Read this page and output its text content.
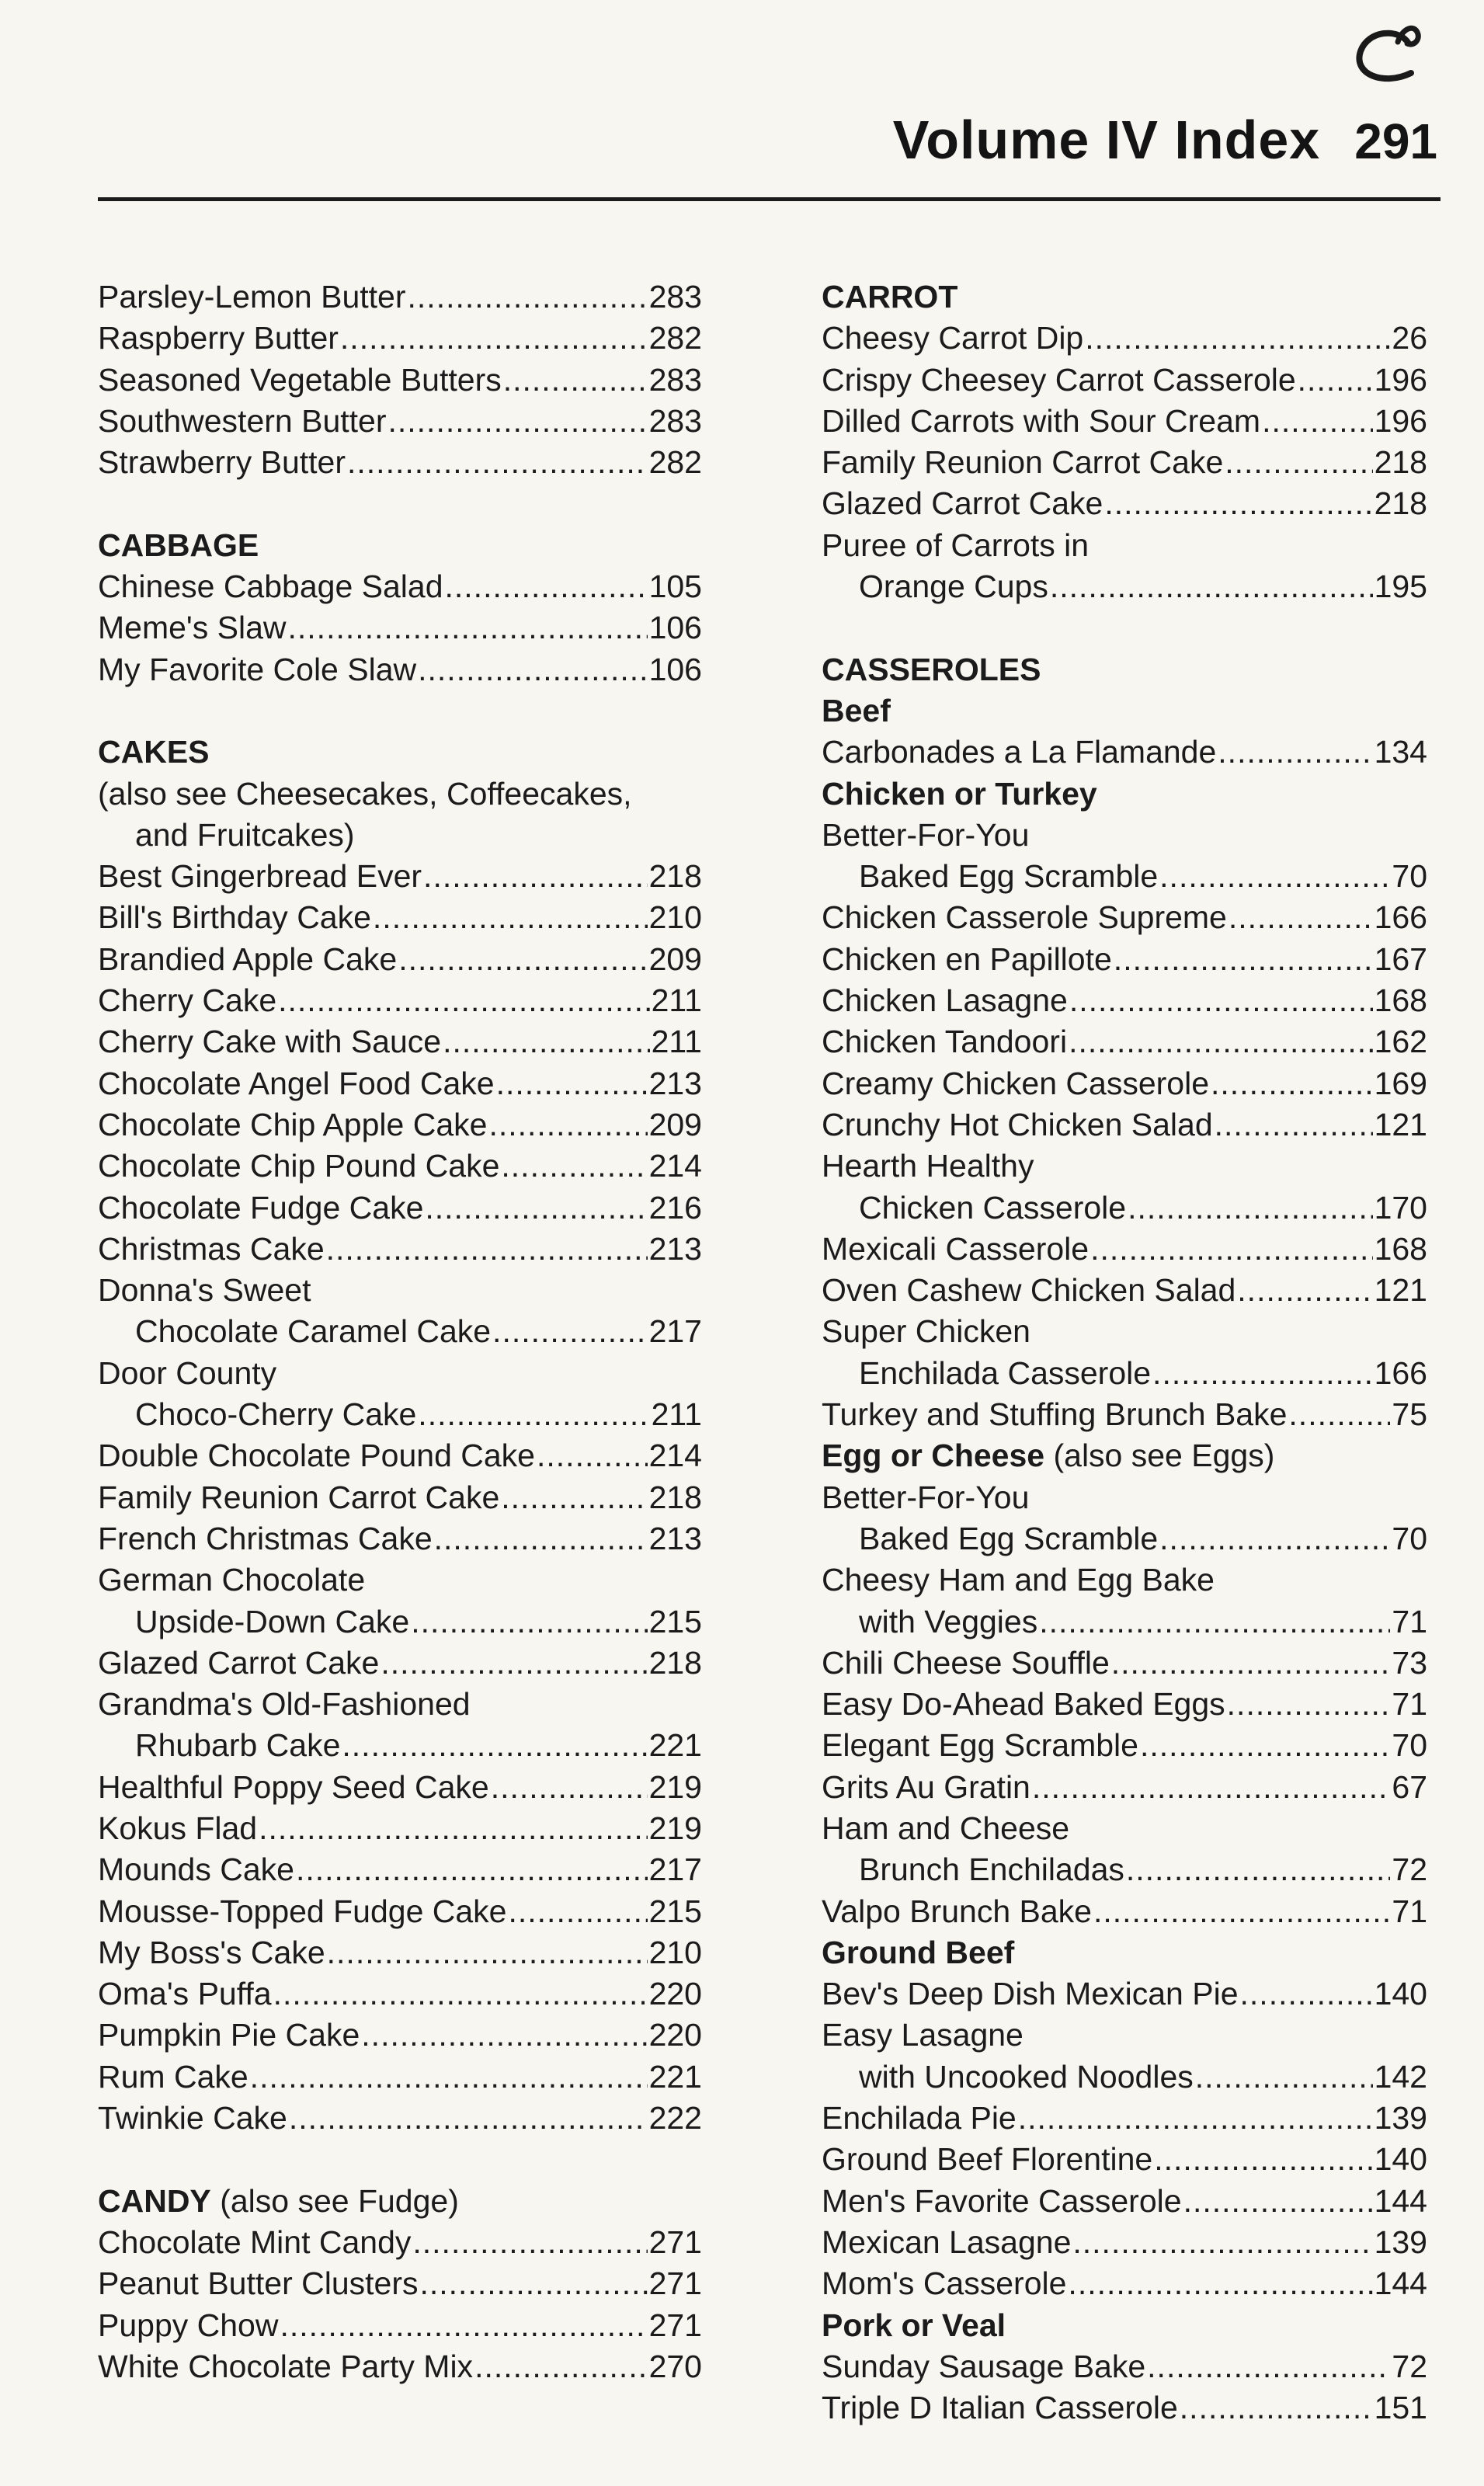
Volume IV Index 291
Parsley-Lemon Butter .....	283
Raspberry Butter .....	282
Seasoned Vegetable Butters .....	283
Southwestern Butter .....	283
Strawberry Butter .....	282
CABBAGE
Chinese Cabbage Salad .....	105
Meme's Slaw .....	106
My Favorite Cole Slaw .....	106
CAKES
(also see Cheesecakes, Coffeecakes,
and Fruitcakes)
Best Gingerbread Ever .....	218
Bill's Birthday Cake .....	210
Brandied Apple Cake .....	209
Cherry Cake .....	211
Cherry Cake with Sauce .....	211
Chocolate Angel Food Cake .....	213
Chocolate Chip Apple Cake .....	209
Chocolate Chip Pound Cake .....	214
Chocolate Fudge Cake .....	216
Christmas Cake .....	213
Donna's Sweet
Chocolate Caramel Cake .....	217
Door County
Choco-Cherry Cake .....	211
Double Chocolate Pound Cake .....	214
Family Reunion Carrot Cake .....	218
French Christmas Cake .....	213
German Chocolate
Upside-Down Cake .....	215
Glazed Carrot Cake .....	218
Grandma's Old-Fashioned
Rhubarb Cake .....	221
Healthful Poppy Seed Cake .....	219
Kokus Flad .....	219
Mounds Cake .....	217
Mousse-Topped Fudge Cake .....	215
My Boss's Cake .....	210
Oma's Puffa .....	220
Pumpkin Pie Cake .....	220
Rum Cake .....	221
Twinkie Cake .....	222
CANDY (also see Fudge)
Chocolate Mint Candy .....	271
Peanut Butter Clusters .....	271
Puppy Chow .....	271
White Chocolate Party Mix .....	270
CARROT
Cheesy Carrot Dip .....	26
Crispy Cheesey Carrot Casserole ..... 196
Dilled Carrots with Sour Cream .....	196
Family Reunion Carrot Cake .....	218
Glazed Carrot Cake .....	218
Puree of Carrots in
Orange Cups .....	195
CASSEROLES
Beef
Carbonades a La Flamande .....	134
Chicken or Turkey
Better-For-You
Baked Egg Scramble .....	70
Chicken Casserole Supreme .....	166
Chicken en Papillote .....	167
Chicken Lasagne .....	168
Chicken Tandoori .....	162
Creamy Chicken Casserole .....	169
Crunchy Hot Chicken Salad .....	121
Hearth Healthy
Chicken Casserole .....	170
Mexicali Casserole .....	168
Oven Cashew Chicken Salad .....	121
Super Chicken
Enchilada Casserole .....	166
Turkey and Stuffing Brunch Bake .....	75
Egg or Cheese (also see Eggs)
Better-For-You
Baked Egg Scramble .....	70
Cheesy Ham and Egg Bake
with Veggies .....	71
Chili Cheese Souffle .....	73
Easy Do-Ahead Baked Eggs .....	71
Elegant Egg Scramble .....	70
Grits Au Gratin .....	67
Ham and Cheese
Brunch Enchiladas .....	72
Valpo Brunch Bake .....	71
Ground Beef
Bev's Deep Dish Mexican Pie .....	140
Easy Lasagne
with Uncooked Noodles .....	142
Enchilada Pie .....	139
Ground Beef Florentine .....	140
Men's Favorite Casserole .....	144
Mexican Lasagne .....	139
Mom's Casserole .....	144
Pork or Veal
Sunday Sausage Bake .....	72
Triple D Italian Casserole .....	151
